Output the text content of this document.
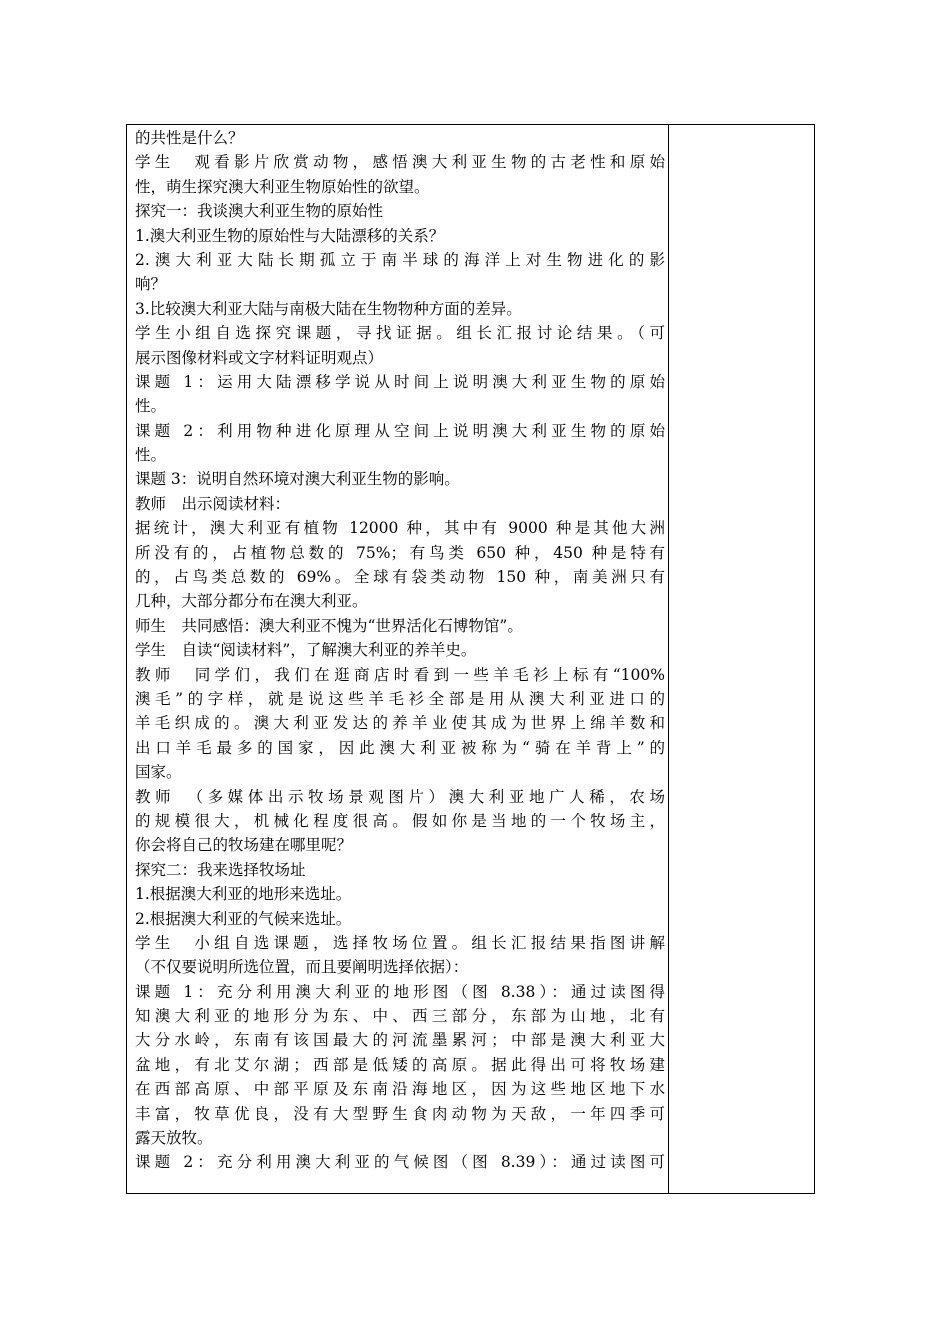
的共性是什么？
学生　观看影片欣赏动物，感悟澳大利亚生物的古老性和原始
性，萌生探究澳大利亚生物原始性的欲望。
探究一：我谈澳大利亚生物的原始性
1.澳大利亚生物的原始性与大陆漂移的关系？
2.澳大利亚大陆长期孤立于南半球的海洋上对生物进化的影
响？
3.比较澳大利亚大陆与南极大陆在生物物种方面的差异。
学生小组自选探究课题，寻找证据。组长汇报讨论结果。（可
展示图像材料或文字材料证明观点）
课题 1：运用大陆漂移学说从时间上说明澳大利亚生物的原始
性。
课题 2：利用物种进化原理从空间上说明澳大利亚生物的原始
性。
课题 3：说明自然环境对澳大利亚生物的影响。
教师　出示阅读材料：
据统计，澳大利亚有植物 12000 种，其中有 9000 种是其他大洲
所没有的，占植物总数的 75%；有鸟类 650 种，450 种是特有
的，占鸟类总数的 69%。全球有袋类动物 150 种，南美洲只有
几种，大部分都分布在澳大利亚。
师生　共同感悟：澳大利亚不愧为“世界活化石博物馆”。
学生　自读“阅读材料”，了解澳大利亚的养羊史。
教师　同学们，我们在逛商店时看到一些羊毛衫上标有“100%
澳毛”的字样，就是说这些羊毛衫全部是用从澳大利亚进口的
羊毛织成的。澳大利亚发达的养羊业使其成为世界上绵羊数和
出口羊毛最多的国家，因此澳大利亚被称为“骑在羊背上”的
国家。
教师　（多媒体出示牧场景观图片）澳大利亚地广人稀，农场
的规模很大，机械化程度很高。假如你是当地的一个牧场主，
你会将自己的牧场建在哪里呢？
探究二：我来选择牧场址
1.根据澳大利亚的地形来选址。
2.根据澳大利亚的气候来选址。
学生　小组自选课题，选择牧场位置。组长汇报结果指图讲解
（不仅要说明所选位置，而且要阐明选择依据）：
课题 1：充分利用澳大利亚的地形图（图 8.38）：通过读图得
知澳大利亚的地形分为东、中、西三部分，东部为山地，北有
大分水岭，东南有该国最大的河流墨累河；中部是澳大利亚大
盆地，有北艾尔湖；西部是低矮的高原。据此得出可将牧场建
在西部高原、中部平原及东南沿海地区，因为这些地区地下水
丰富，牧草优良，没有大型野生食肉动物为天敌，一年四季可
露天放牧。
课题 2：充分利用澳大利亚的气候图（图 8.39）：通过读图可
